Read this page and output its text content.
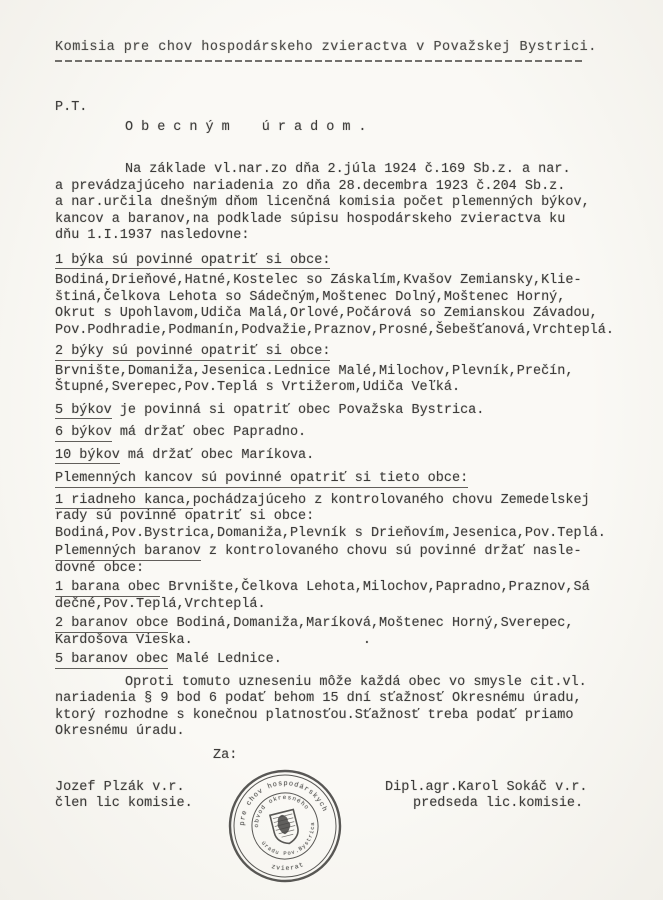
Komisia pre chov hospodárskeho zvieractva v Považskej Bystrici.
P.T.
Obecným úradom.
Na základe vl.nar.zo dňa 2.júla 1924 č.169 Sb.z. a nar.
a prevádzajúceho nariadenia zo dňa 28.decembra 1923 č.204 Sb.z.
a nar.určila dnešným dňom licenčná komisia počet plemenných býkov,
kancov a baranov,na podklade súpisu hospodárskeho zvieractva ku
dňu 1.I.1937 nasledovne:
1 býka sú povinné opatriť si obce:
Bodiná,Drieňové,Hatné,Kostelec so Záskalím,Kvašov Zemiansky,Klie-
štiná,Čelkova Lehota so Sádečným,Moštenec Dolný,Moštenec Horný,
Okrut s Upohlavom,Udiča Malá,Orlové,Počárová so Zemianskou Závadou,
Pov.Podhradie,Podmanín,Podvažie,Praznov,Prosné,Šebešťanová,Vrchteplá.
2 býky sú povinné opatriť si obce:
Brvnište,Domaniža,Jesenica.Lednice Malé,Milochov,Plevník,Prečín,
Štupné,Sverepec,Pov.Teplá s Vrtižerom,Udiča Veľká.
5 býkov je povinná si opatriť obec Považska Bystrica.
6 býkov má držať obec Papradno.
10 býkov má držať obec Maríkova.
Plemenných kancov sú povinné opatriť si tieto obce:
1 riadneho kanca,pochádzajúceho z kontrolovaného chovu Zemedelskej
rady sú povinné opatriť si obce:
Bodiná,Pov.Bystrica,Domaniža,Plevník s Drieňovím,Jesenica,Pov.Teplá.
Plemenných baranov z kontrolovaného chovu sú povinné držať nasle-
dovné obce:
1 barana obec Brvnište,Čelkova Lehota,Milochov,Papradno,Praznov,Sá
dečné,Pov.Teplá,Vrchteplá.
2 baranov obce Bodiná,Domaniža,Maríková,Moštenec Horný,Sverepec,
Kardošova Vieska.                     .
5 baranov obec Malé Lednice.
Oproti tomuto uzneseniu môže každá obec vo smysle cit.vl.
nariadenia § 9 bod 6 podať behom 15 dní sťažnosť Okresnému úradu,
ktorý rozhodne s konečnou platnosťou.Sťažnosť treba podať priamo
Okresnému úradu.
Za:
Jozef Plzák v.r.
člen lic komisie.
pre chov hospodárskych
zvierat
obvod okresného
úradu Pov.Bystrica
Dipl.agr.Karol Sokáč v.r.
predseda lic.komisie.
